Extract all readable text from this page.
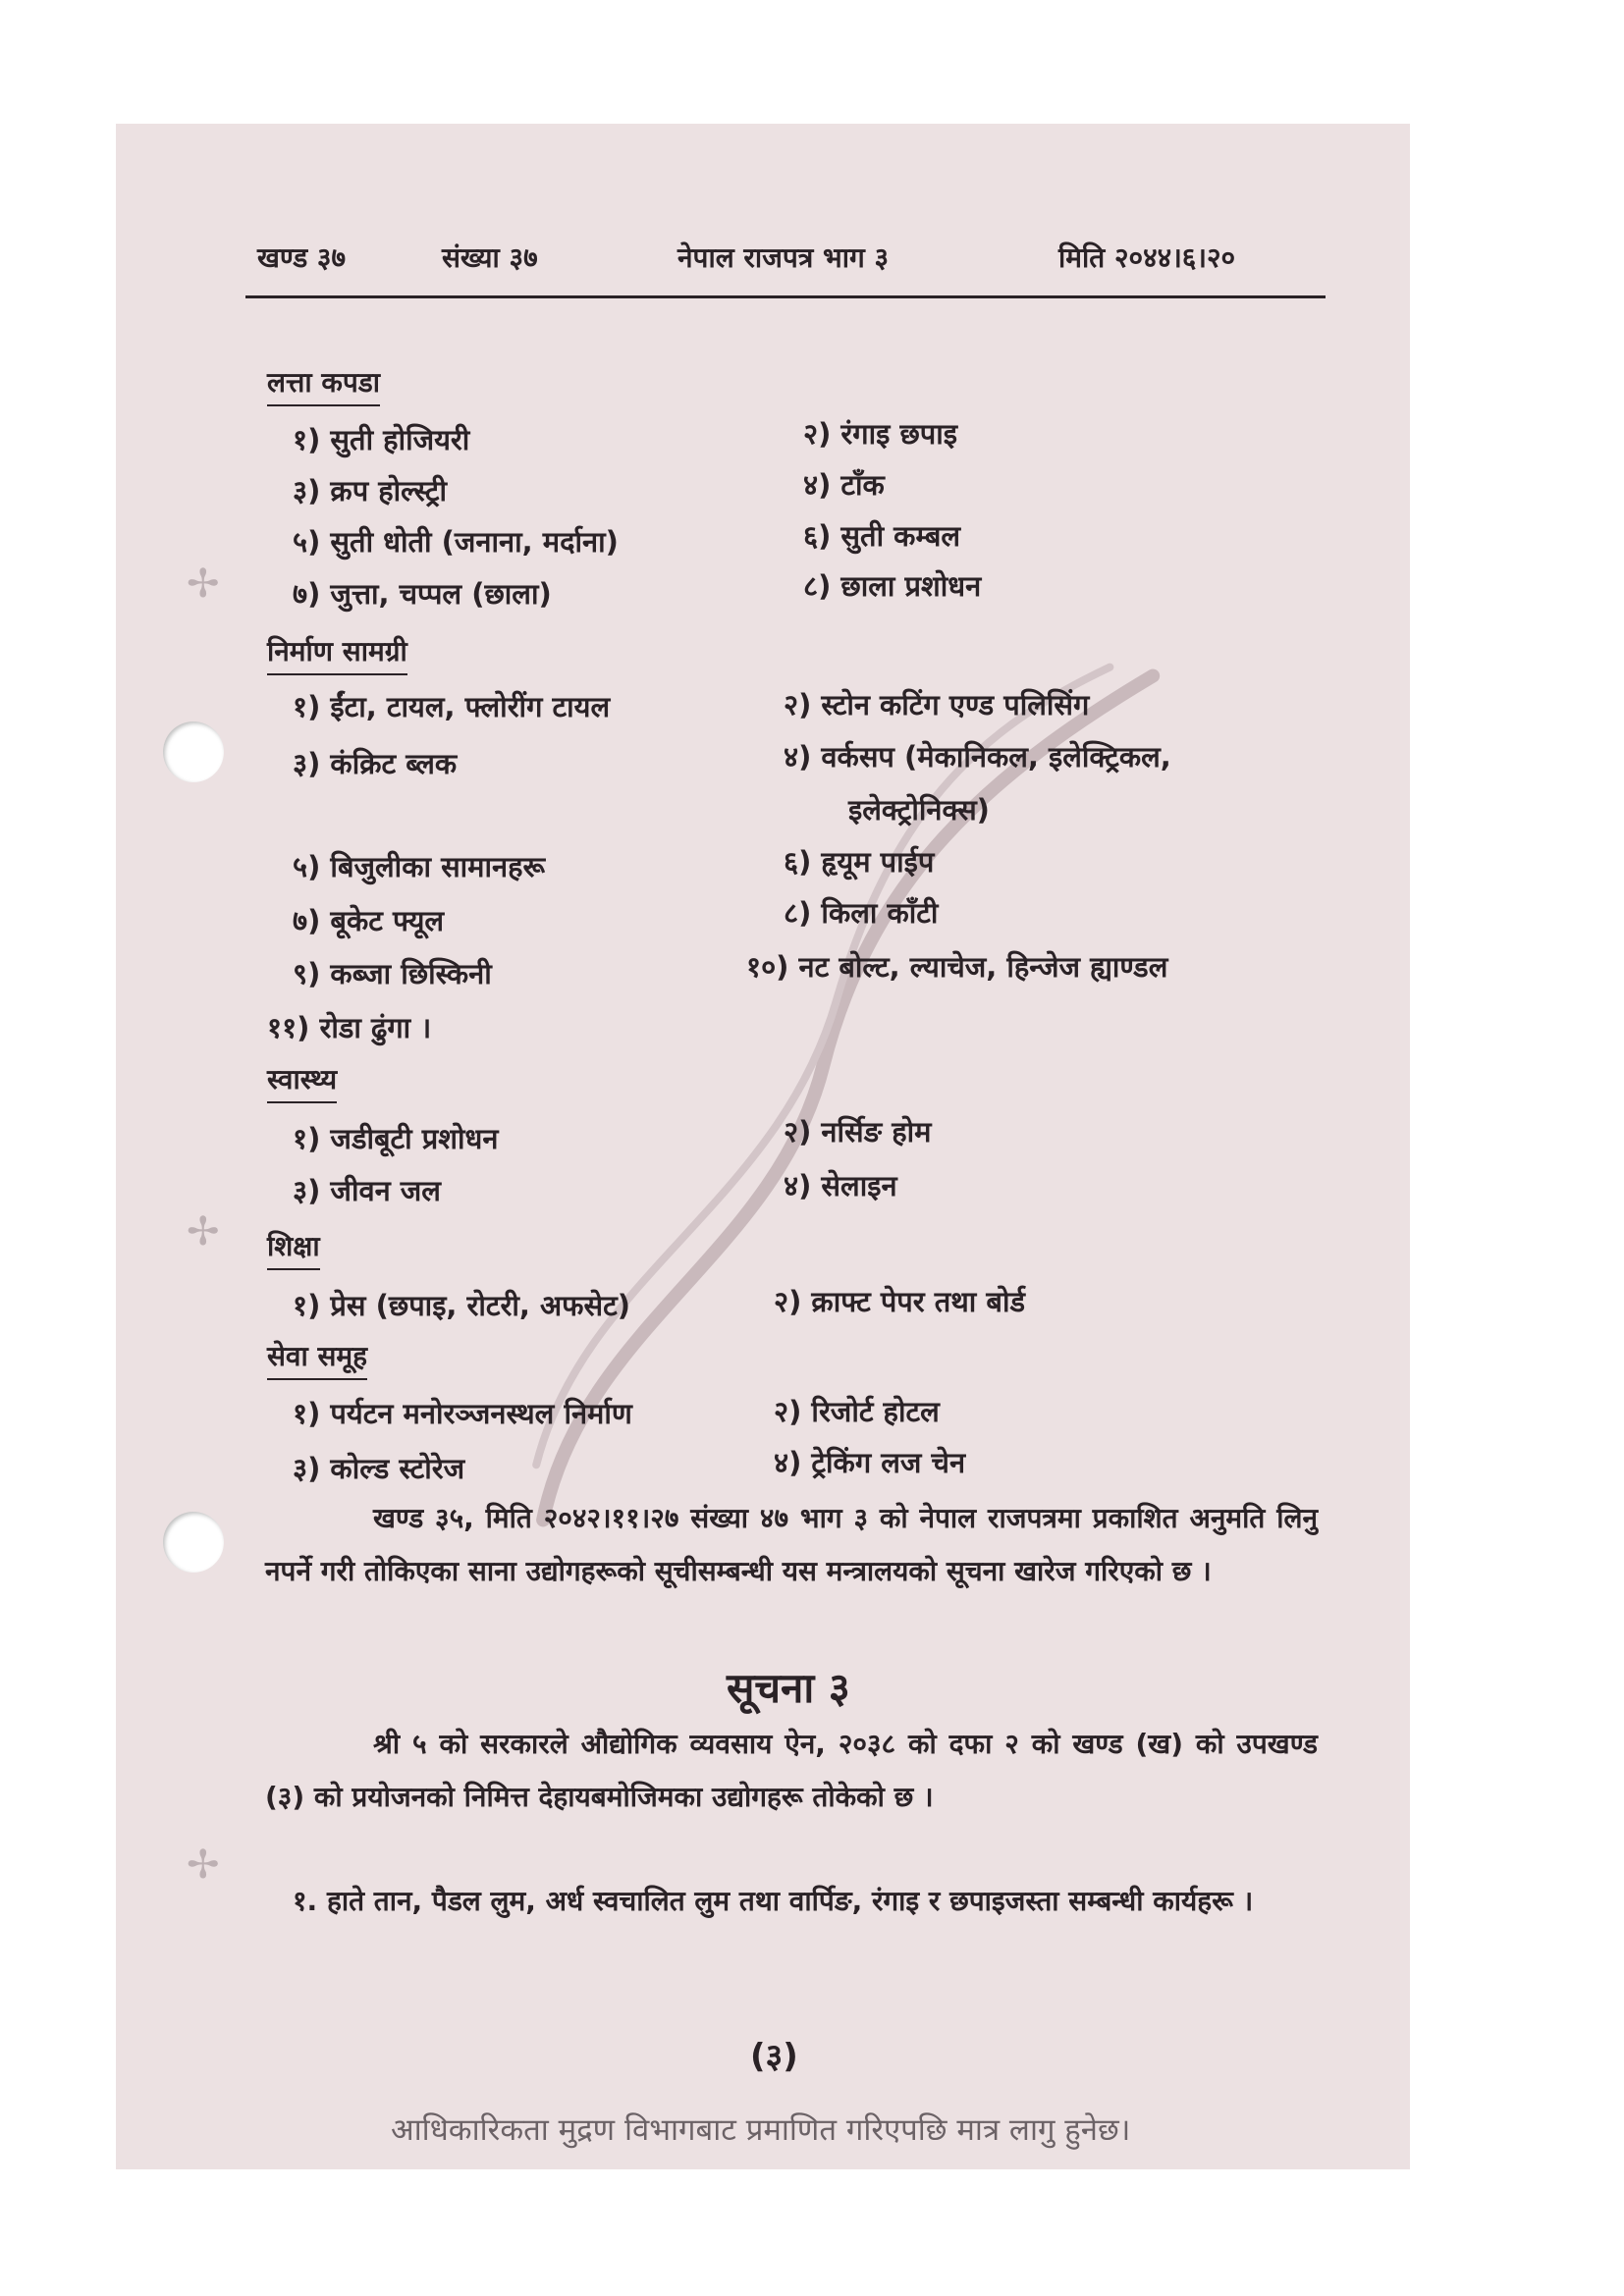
✢
✢
✢
खण्ड ३७	संख्या ३७	नेपाल राजपत्र भाग ३	मिति २०४४।६।२०
लत्ता कपडा
१) सुती होजियरी	२) रंगाइ छपाइ
३) क्रप होल्स्ट्री	४) टाँक
५) सुती धोती (जनाना, मर्दाना)	६) सुती कम्बल
७) जुत्ता, चप्पल (छाला)	८) छाला प्रशोधन
निर्माण सामग्री
१) ईंटा, टायल, फ्लोरींग टायल	२) स्टोन कटिंग एण्ड पलिसिंग
३) कंक्रिट ब्लक	४) वर्कसप (मेकानिकल, इलेक्ट्रिकल,
इलेक्ट्रोनिक्स)
५) बिजुलीका सामानहरू	६) हृयूम पाईप
७) बूकेट फ्यूल	८) किला काँटी
९) कब्जा छिस्किनी	१०) नट बोल्ट, ल्याचेज, हिन्जेज ह्याण्डल
११) रोडा ढुंगा ।
स्वास्थ्य
१) जडीबूटी प्रशोधन	२) नर्सिङ होम
३) जीवन जल	४) सेलाइन
शिक्षा
१) प्रेस (छपाइ, रोटरी, अफसेट)	२) क्राफ्ट पेपर तथा बोर्ड
सेवा समूह
१) पर्यटन मनोरञ्जनस्थल निर्माण	२) रिजोर्ट होटल
३) कोल्ड स्टोरेज	४) ट्रेकिंग लज चेन
खण्ड ३५, मिति २०४२।११।२७ संख्या ४७ भाग ३ को नेपाल राजपत्रमा प्रकाशित अनुमति लिनु नपर्ने गरी तोकिएका साना उद्योगहरूको सूचीसम्बन्धी यस मन्त्रालयको सूचना खारेज गरिएको छ ।
सूचना ३
श्री ५ को सरकारले औद्योगिक व्यवसाय ऐन, २०३८ को दफा २ को खण्ड (ख) को उपखण्ड (३) को प्रयोजनको निमित्त देहायबमोजिमका उद्योगहरू तोकेको छ ।
१. हाते तान, पैडल लुम, अर्ध स्वचालित लुम तथा वार्पिङ, रंगाइ र छपाइजस्ता सम्बन्धी कार्यहरू ।
(३)
आधिकारिकता मुद्रण विभागबाट प्रमाणित गरिएपछि मात्र लागु हुनेछ।
